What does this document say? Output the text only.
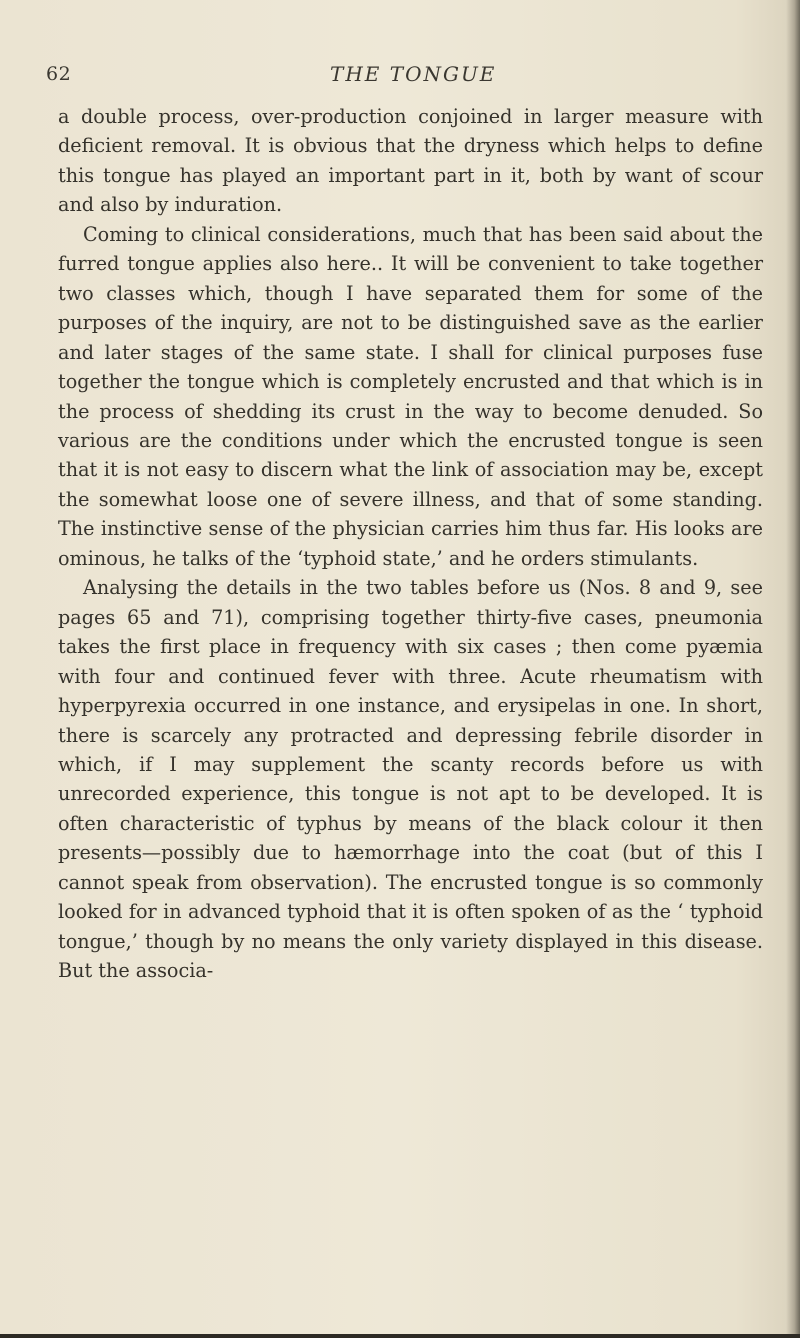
62	THE TONGUE

a double process, over-production conjoined in larger measure with deficient removal. It is obvious that the dryness which helps to define this tongue has played an important part in it, both by want of scour and also by induration.

Coming to clinical considerations, much that has been said about the furred tongue applies also here.. It will be convenient to take together two classes which, though I have separated them for some of the purposes of the inquiry, are not to be distinguished save as the earlier and later stages of the same state. I shall for clinical purposes fuse together the tongue which is completely encrusted and that which is in the process of shedding its crust in the way to become denuded. So various are the conditions under which the encrusted tongue is seen that it is not easy to discern what the link of association may be, except the somewhat loose one of severe illness, and that of some standing. The instinctive sense of the physician carries him thus far. His looks are ominous, he talks of the ‘typhoid state,’ and he orders stimulants.

Analysing the details in the two tables before us (Nos. 8 and 9, see pages 65 and 71), comprising together thirty-five cases, pneumonia takes the first place in frequency with six cases ; then come pyæmia with four and continued fever with three. Acute rheumatism with hyperpyrexia occurred in one instance, and erysipelas in one. In short, there is scarcely any protracted and depressing febrile disorder in which, if I may supplement the scanty records before us with unrecorded experience, this tongue is not apt to be developed. It is often characteristic of typhus by means of the black colour it then presents—possibly due to hæmorrhage into the coat (but of this I cannot speak from observation). The encrusted tongue is so commonly looked for in advanced typhoid that it is often spoken of as the ‘ typhoid tongue,’ though by no means the only variety displayed in this disease. But the associa-
